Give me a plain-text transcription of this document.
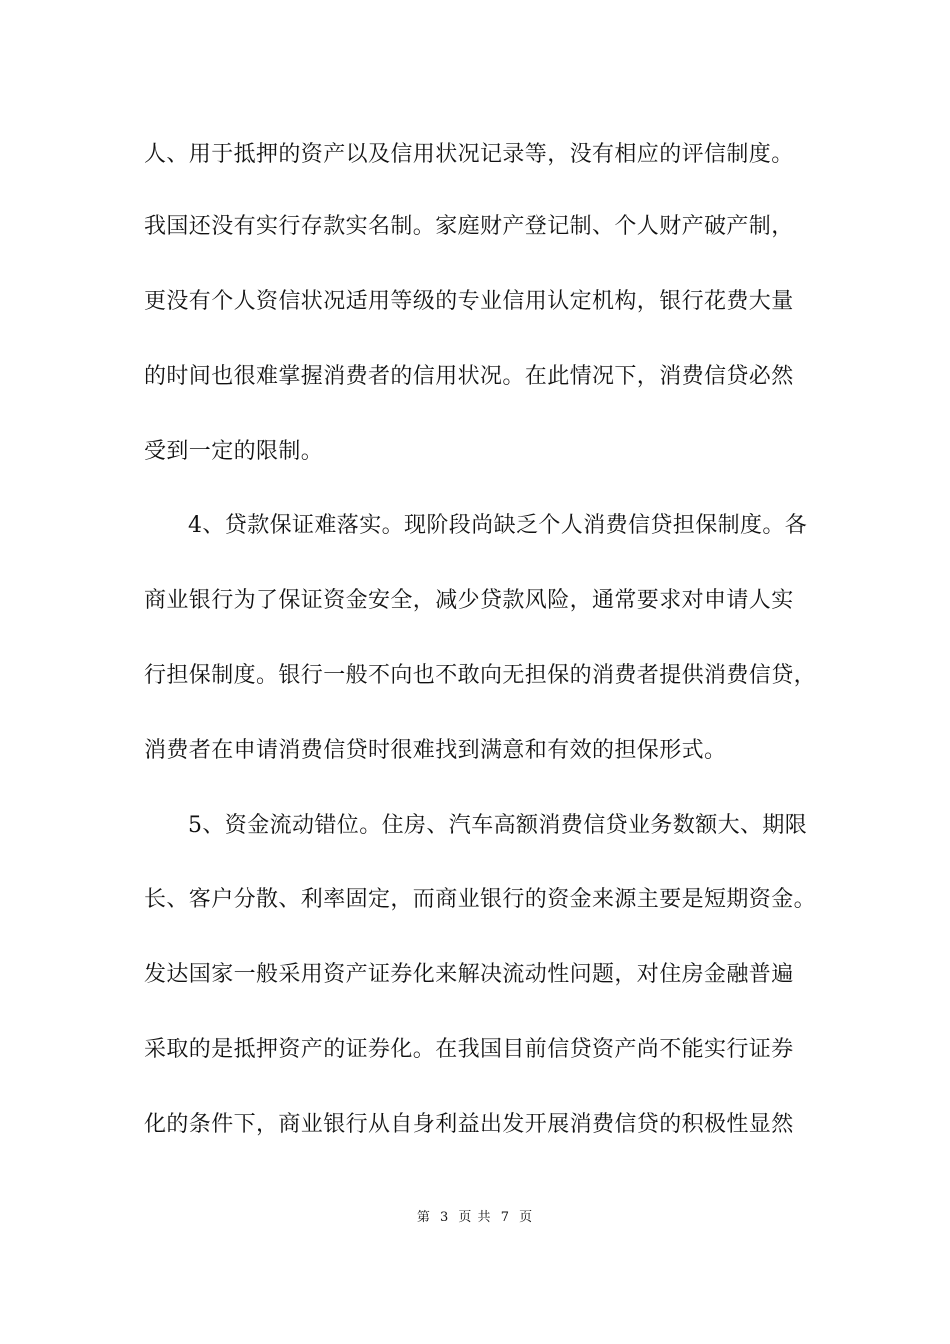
人、用于抵押的资产以及信用状况记录等，没有相应的评信制度。
我国还没有实行存款实名制。家庭财产登记制、个人财产破产制，
更没有个人资信状况适用等级的专业信用认定机构，银行花费大量
的时间也很难掌握消费者的信用状况。在此情况下，消费信贷必然
受到一定的限制。
4、贷款保证难落实。现阶段尚缺乏个人消费信贷担保制度。各
商业银行为了保证资金安全，减少贷款风险，通常要求对申请人实
行担保制度。银行一般不向也不敢向无担保的消费者提供消费信贷，
消费者在申请消费信贷时很难找到满意和有效的担保形式。
5、资金流动错位。住房、汽车高额消费信贷业务数额大、期限
长、客户分散、利率固定，而商业银行的资金来源主要是短期资金。
发达国家一般采用资产证券化来解决流动性问题，对住房金融普遍
采取的是抵押资产的证券化。在我国目前信贷资产尚不能实行证券
化的条件下，商业银行从自身利益出发开展消费信贷的积极性显然
第 3 页 共 7 页
